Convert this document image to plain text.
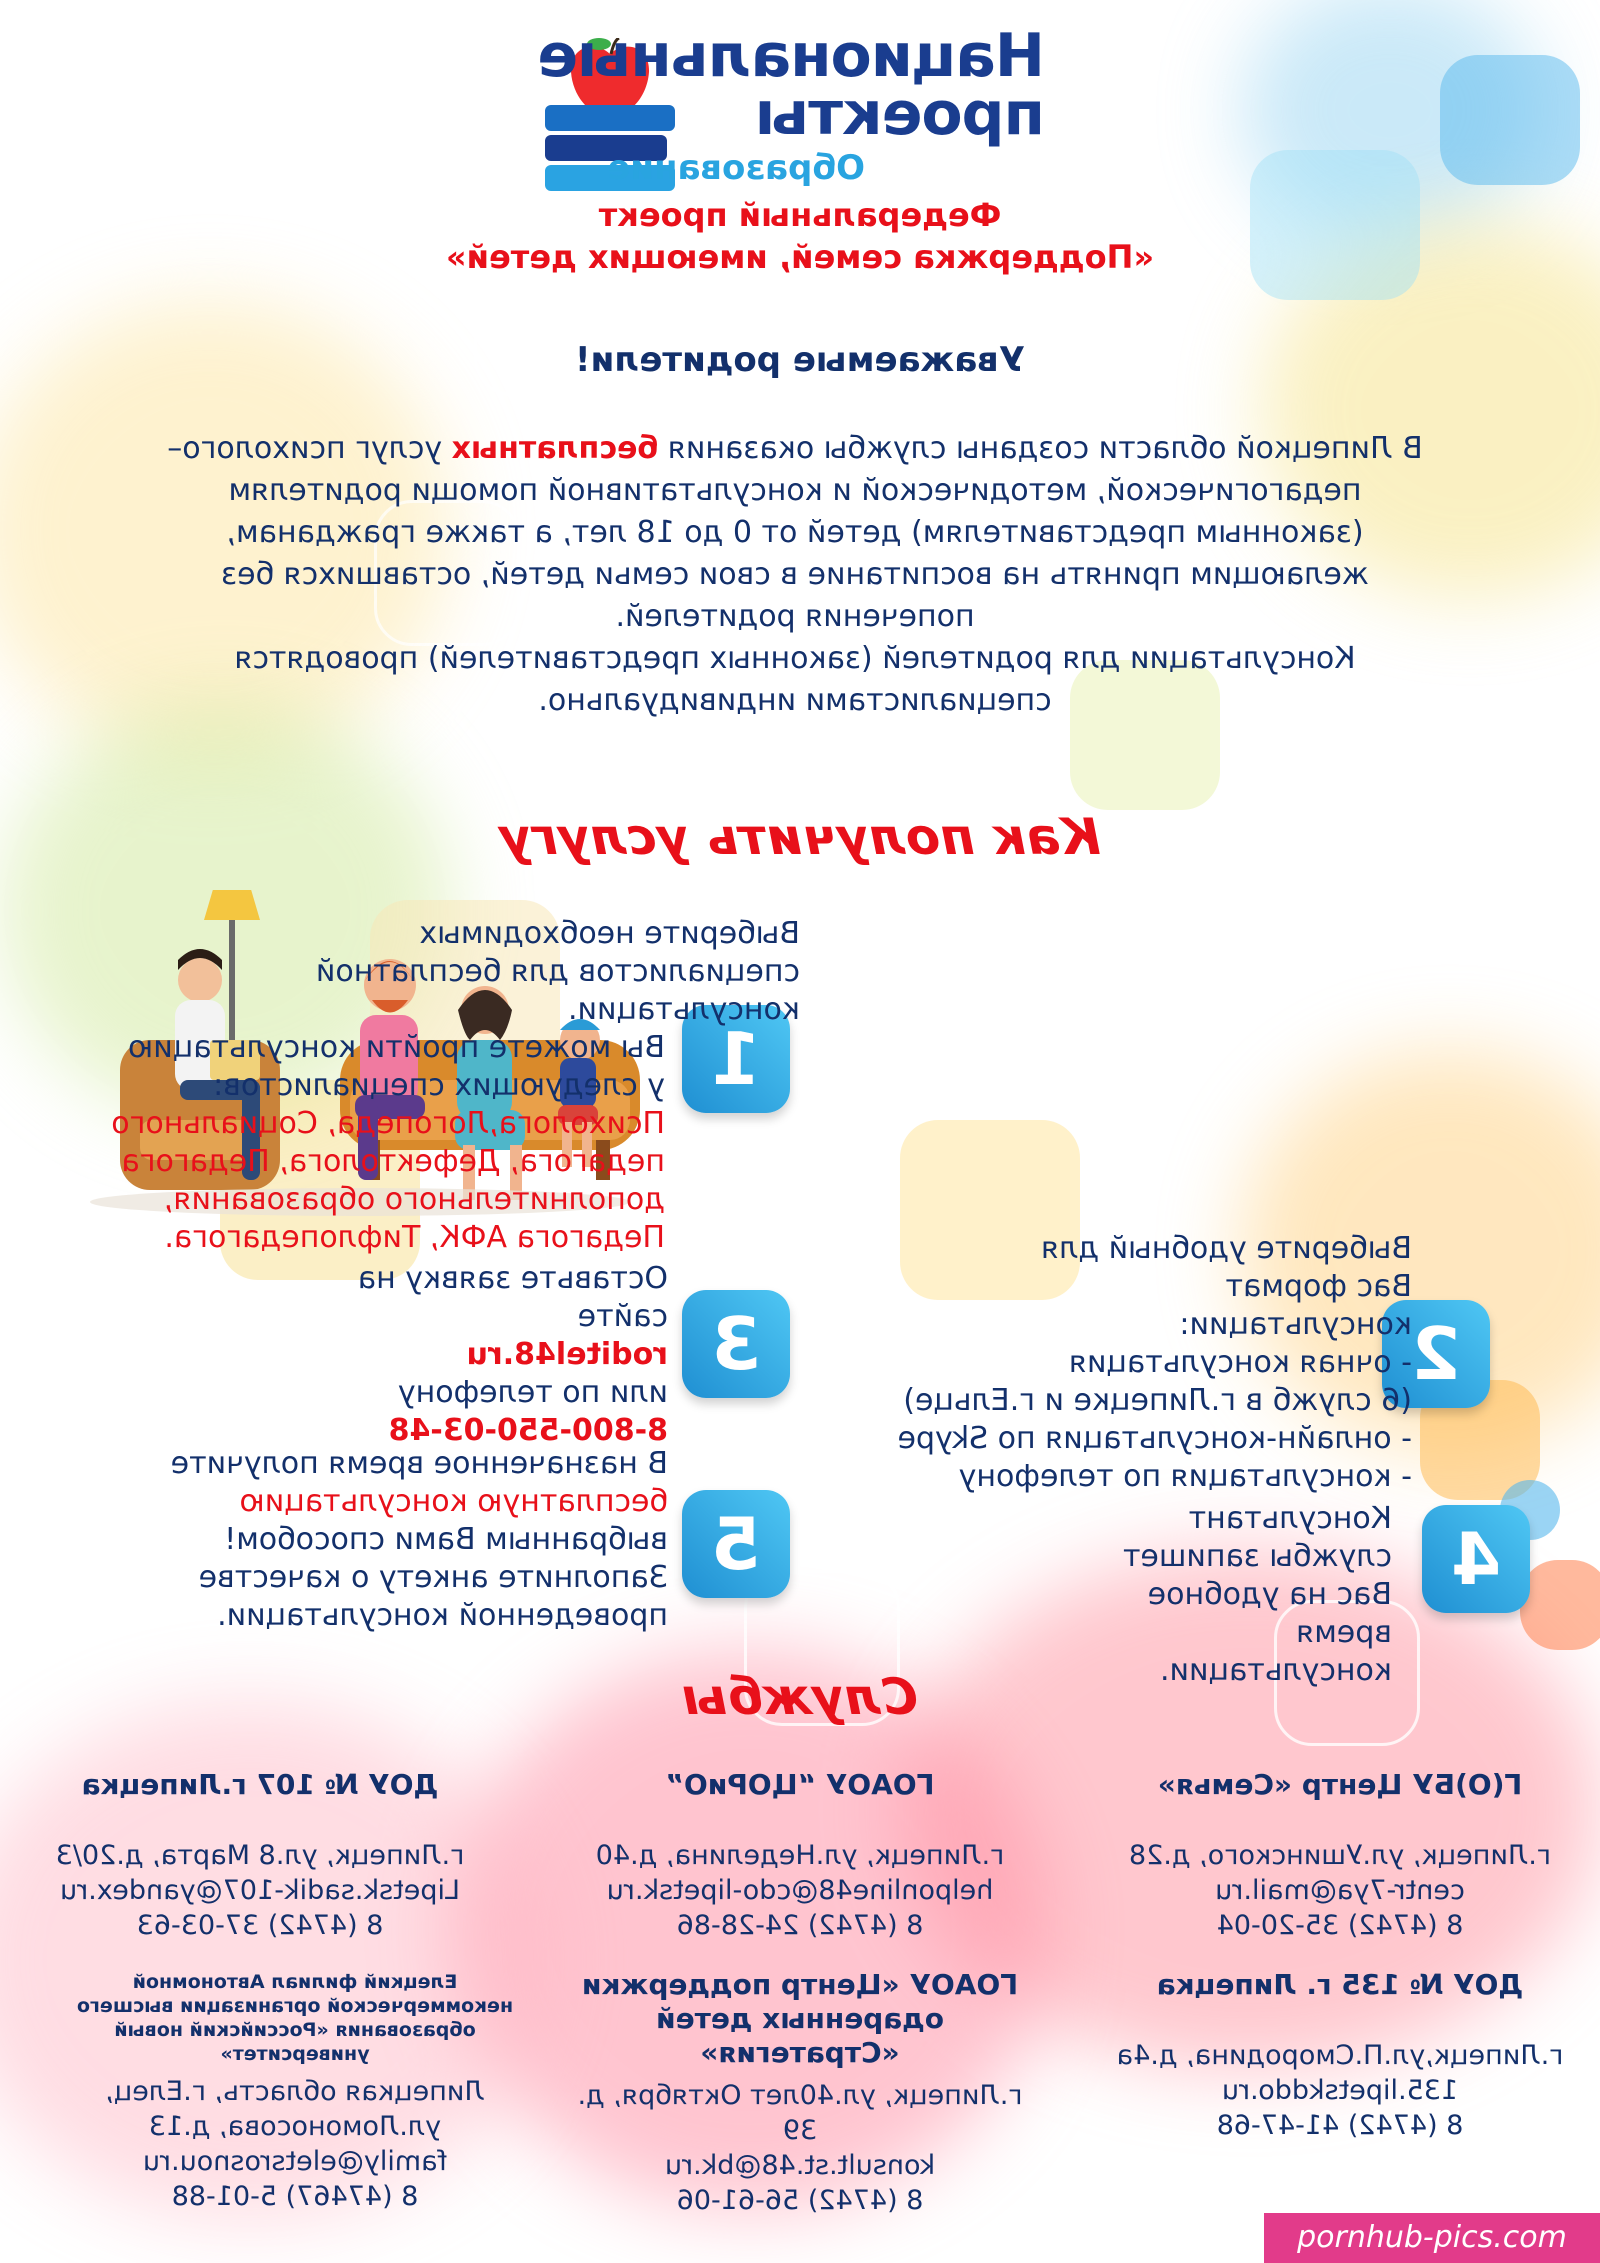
Национальные
проекты
Образование
Федеральный проект
«Поддержка семей, имеющих детей»
Уважаемые родители!
В Липецкой области созданы службы оказания бесплатных услуг психолого–педагогической, методической и консультативной помощи родителям (законным представителям) детей от 0 до 18 лет, а также гражданам, желающим принять на воспитание в свои семьи детей, оставшихся без попечения родителей.
Консультации для родителей (законных представителей) проводятся специалистами индивидуально.
Как получить услугу
1
Выберите необходимых специалистов для бесплатной консультации.
Вы можете пройти консультацию у следующих специалистов:
Психолога,Логопеда, Социального педагога, Дефектолога, Педагога дополнительного образования, Педагога АФК, Тифлопедагога.
2
Выберите удобный для Вас формат консультации:
- очная консультация
(6 служб в г.Липецке и г.Ельце)
- онлайн-консультация по Skype
- консультация по телефону
3
Оставьте заявку на сайте
roditel48.ru
или по телефону
8-800-550-03-48
4
Консультант службы запишет Вас на удобное время консультации.
5
В назначенное время получите
бесплатную консультацию
выбранным Вами способом! Заполните анкету о качестве проведенной консультации.
Службы
Г(О)БУ Центр «Семья»
г.Липецк, ул.Ушинского, д.28
centr-7ya@mail.ru
8 (4742) 35-20-04
ГОАОУ “ЦОРиО”
г.Липецк, ул.Неделина, д.40
helponline48@cdo-lipetsk.ru
8 (4742) 24-28-86
ДОУ № 107 г.Липецка
г.Липецк, ул.8 Марта, д.20/3
Lipetsk.sadik-107@yandex.ru
8 (4742) 37-03-63
ДОУ № 135 г. Липецка
г.Липецк,ул.П.Смородина, д.4а
135.lipetskddo.ru
8 (4742) 41-47-68
ГОАОУ «Центр поддержки одаренных детей «Стратегия»
г.Липецк, ул.40лет Октября, д. 39
konsult.st.48@bk.ru
8 (4742) 56-61-06
Елецкий филиал Автономной некоммерческой организации высшего образования «Российский новый университет»
Липецкая область, г.Елец, ул.Ломоносова, д.13
family@eletsrosnou.ru
8 (47467) 5-01-88
pornhub-pics.com
